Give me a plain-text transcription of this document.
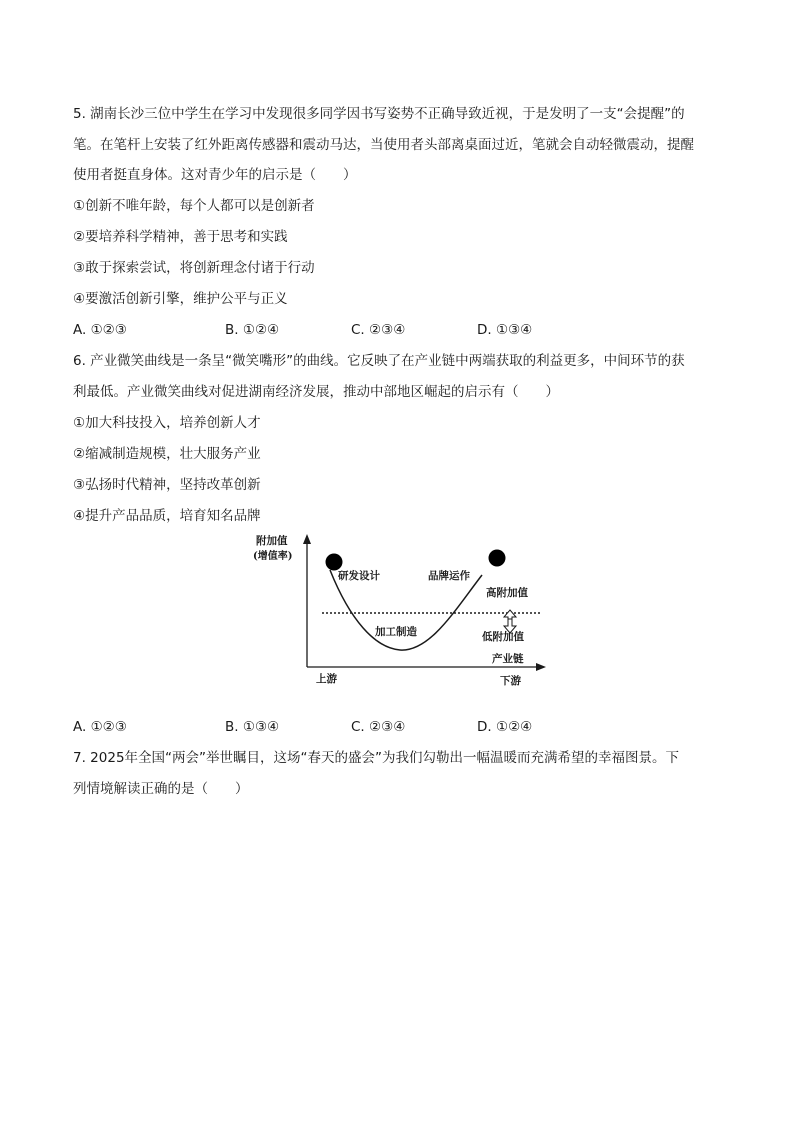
5. 湖南长沙三位中学生在学习中发现很多同学因书写姿势不正确导致近视，于是发明了一支“会提醒”的
笔。在笔杆上安装了红外距离传感器和震动马达，当使用者头部离桌面过近，笔就会自动轻微震动，提醒
使用者挺直身体。这对青少年的启示是（　　）
①创新不唯年龄，每个人都可以是创新者
②要培养科学精神，善于思考和实践
③敢于探索尝试，将创新理念付诸于行动
④要激活创新引擎，维护公平与正义
A. ①②③	B. ①②④	C. ②③④	D. ①③④
6. 产业微笑曲线是一条呈“微笑嘴形”的曲线。它反映了在产业链中两端获取的利益更多，中间环节的获
利最低。产业微笑曲线对促进湖南经济发展，推动中部地区崛起的启示有（　　）
①加大科技投入，培养创新人才
②缩减制造规模，壮大服务产业
③弘扬时代精神，坚持改革创新
④提升产品品质，培育知名品牌
附加值
(增值率)
研发设计	品牌运作
高附加值
加工制造	低附加值
产业链
上游	下游
A. ①②③	B. ①③④	C. ②③④	D. ①②④
7. 2025年全国“两会”举世瞩目，这场“春天的盛会”为我们勾勒出一幅温暖而充满希望的幸福图景。下
列情境解读正确的是（　　）
